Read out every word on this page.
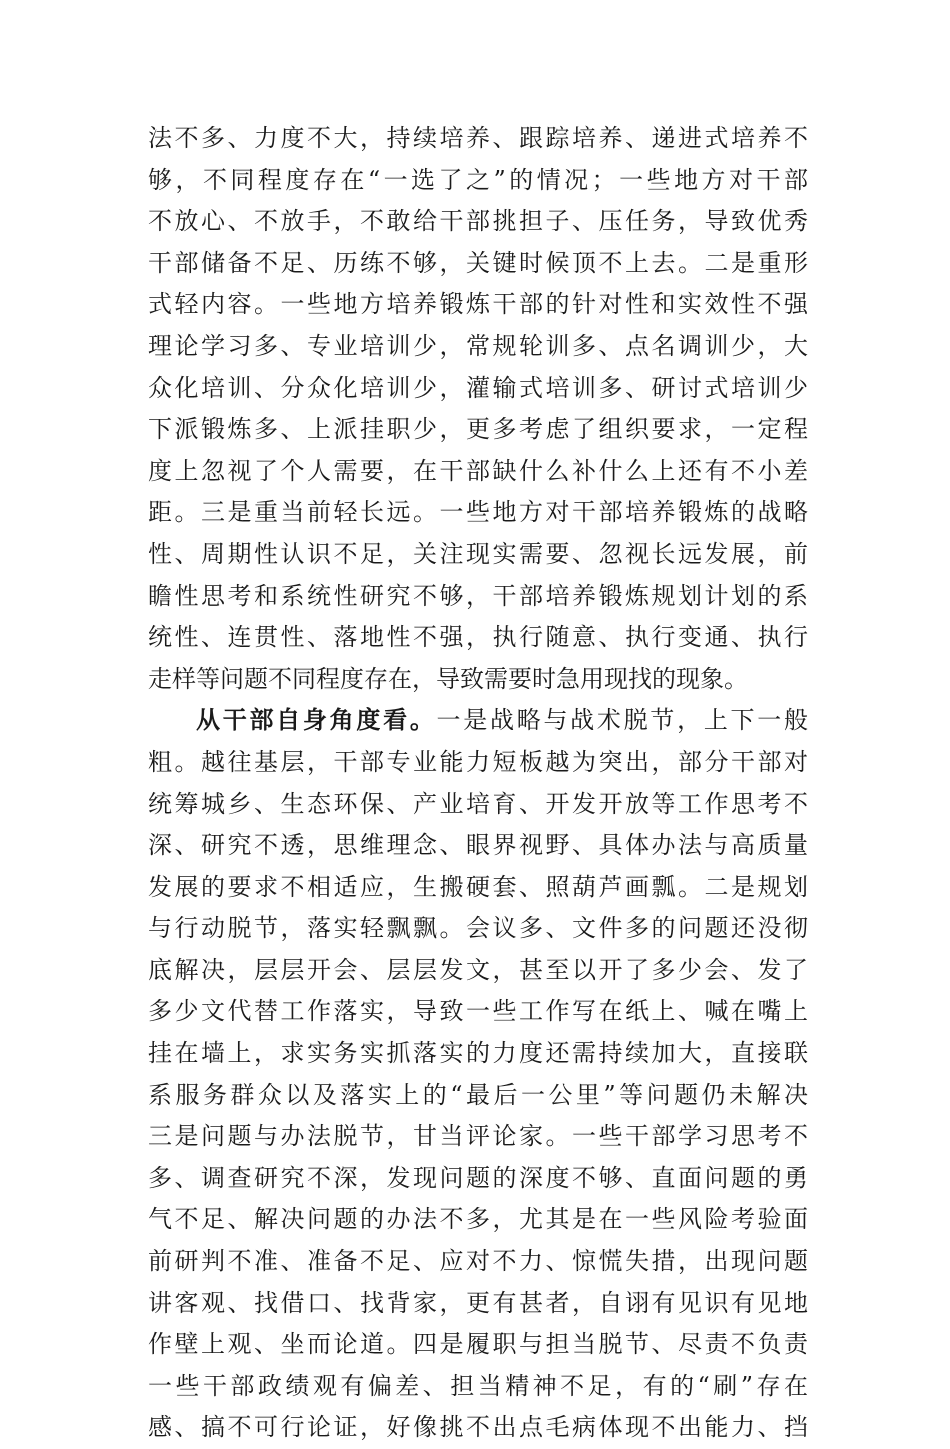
法不多、力度不大，持续培养、跟踪培养、递进式培养不
够，不同程度存在“一选了之”的情况；一些地方对干部
不放心、不放手，不敢给干部挑担子、压任务，导致优秀
干部储备不足、历练不够，关键时候顶不上去。二是重形
式轻内容。一些地方培养锻炼干部的针对性和实效性不强
理论学习多、专业培训少，常规轮训多、点名调训少，大
众化培训、分众化培训少，灌输式培训多、研讨式培训少
下派锻炼多、上派挂职少，更多考虑了组织要求，一定程
度上忽视了个人需要，在干部缺什么补什么上还有不小差
距。三是重当前轻长远。一些地方对干部培养锻炼的战略
性、周期性认识不足，关注现实需要、忽视长远发展，前
瞻性思考和系统性研究不够，干部培养锻炼规划计划的系
统性、连贯性、落地性不强，执行随意、执行变通、执行
走样等问题不同程度存在，导致需要时急用现找的现象。
从干部自身角度看。一是战略与战术脱节，上下一般
粗。越往基层，干部专业能力短板越为突出，部分干部对
统筹城乡、生态环保、产业培育、开发开放等工作思考不
深、研究不透，思维理念、眼界视野、具体办法与高质量
发展的要求不相适应，生搬硬套、照葫芦画瓢。二是规划
与行动脱节，落实轻飘飘。会议多、文件多的问题还没彻
底解决，层层开会、层层发文，甚至以开了多少会、发了
多少文代替工作落实，导致一些工作写在纸上、喊在嘴上
挂在墙上，求实务实抓落实的力度还需持续加大，直接联
系服务群众以及落实上的“最后一公里”等问题仍未解决
三是问题与办法脱节，甘当评论家。一些干部学习思考不
多、调查研究不深，发现问题的深度不够、直面问题的勇
气不足、解决问题的办法不多，尤其是在一些风险考验面
前研判不准、准备不足、应对不力、惊慌失措，出现问题
讲客观、找借口、找背家，更有甚者，自诩有见识有见地
作壁上观、坐而论道。四是履职与担当脱节、尽责不负责
一些干部政绩观有偏差、担当精神不足，有的“刷”存在
感、搞不可行论证，好像挑不出点毛病体现不出能力、挡
